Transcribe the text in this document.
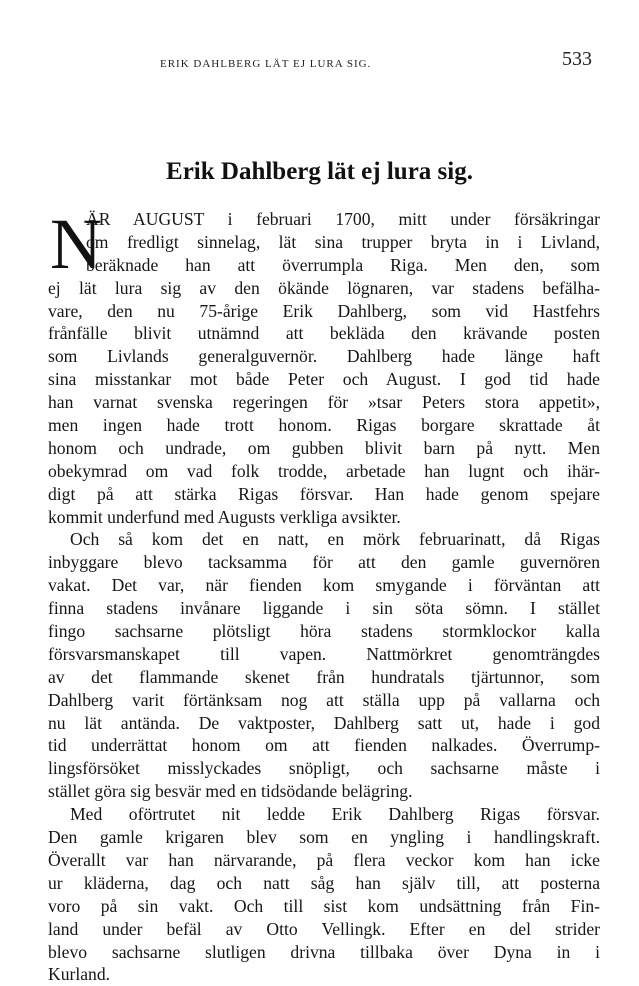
ERIK DAHLBERG LÄT EJ LURA SIG.	533
Erik Dahlberg lät ej lura sig.
N
ÄR AUGUST i februari 1700, mitt under försäkringar
om fredligt sinnelag, lät sina trupper bryta in i Livland,
beräknade han att överrumpla Riga. Men den, som
ej lät lura sig av den ökände lögnaren, var stadens befälha-
vare, den nu 75-årige Erik Dahlberg, som vid Hastfehrs
frånfälle blivit utnämnd att bekläda den krävande posten
som Livlands generalguvernör. Dahlberg hade länge haft
sina misstankar mot både Peter och August. I god tid hade
han varnat svenska regeringen för »tsar Peters stora appetit»,
men ingen hade trott honom. Rigas borgare skrattade åt
honom och undrade, om gubben blivit barn på nytt. Men
obekymrad om vad folk trodde, arbetade han lugnt och ihär-
digt på att stärka Rigas försvar. Han hade genom spejare
kommit underfund med Augusts verkliga avsikter.
Och så kom det en natt, en mörk februarinatt, då Rigas
inbyggare blevo tacksamma för att den gamle guvernören
vakat. Det var, när fienden kom smygande i förväntan att
finna stadens invånare liggande i sin söta sömn. I stället
fingo sachsarne plötsligt höra stadens stormklockor kalla
försvarsmanskapet till vapen. Nattmörkret genomträngdes
av det flammande skenet från hundratals tjärtunnor, som
Dahlberg varit förtänksam nog att ställa upp på vallarna och
nu lät antända. De vaktposter, Dahlberg satt ut, hade i god
tid underrättat honom om att fienden nalkades. Överrump-
lingsförsöket misslyckades snöpligt, och sachsarne måste i
stället göra sig besvär med en tidsödande belägring.
Med oförtrutet nit ledde Erik Dahlberg Rigas försvar.
Den gamle krigaren blev som en yngling i handlingskraft.
Överallt var han närvarande, på flera veckor kom han icke
ur kläderna, dag och natt såg han själv till, att posterna
voro på sin vakt. Och till sist kom undsättning från Fin-
land under befäl av Otto Vellingk. Efter en del strider
blevo sachsarne slutligen drivna tillbaka över Dyna in i
Kurland.
